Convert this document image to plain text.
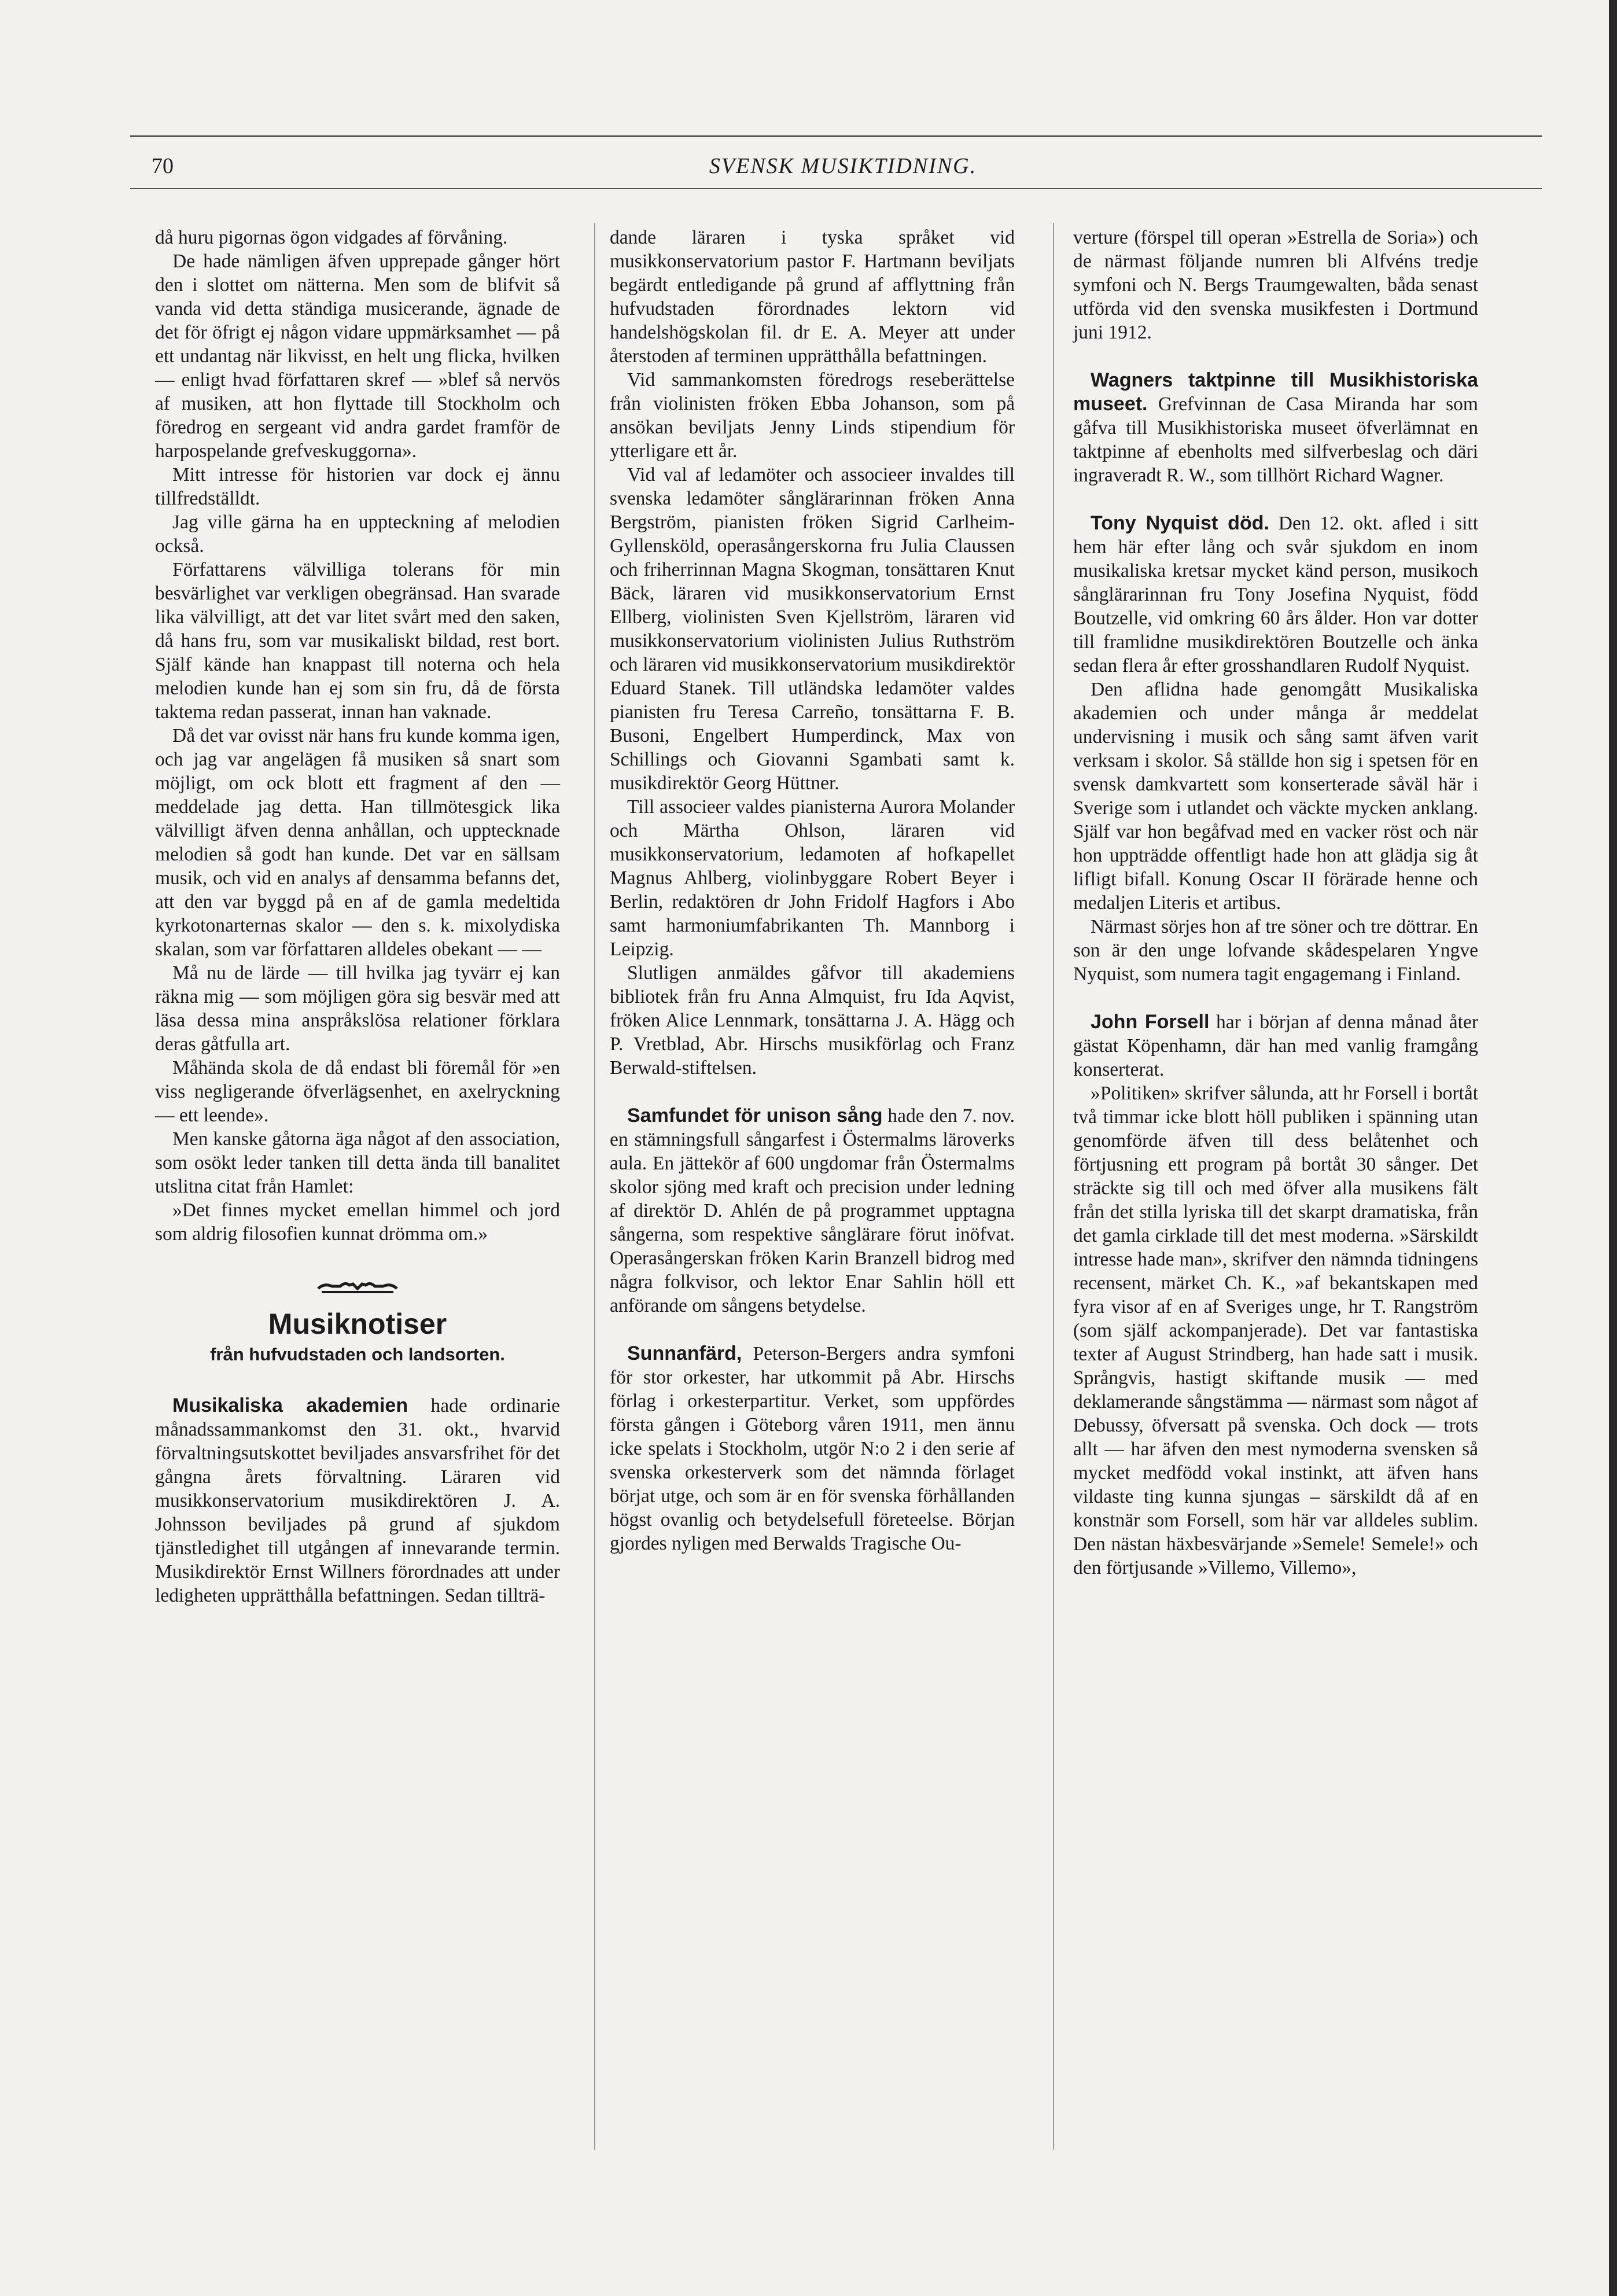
70	SVENSK MUSIKTIDNING.

då huru pigornas ögon vidgades af förvåning.

De hade nämligen äfven upprepade gånger hört den i slottet om nätterna. Men som de blifvit så vanda vid detta ständiga musicerande, ägnade de det för öfrigt ej någon vidare uppmärksamhet — på ett undantag när likvisst, en helt ung flicka, hvilken — enligt hvad författaren skref — »blef så nervös af musiken, att hon flyttade till Stockholm och föredrog en sergeant vid andra gardet framför de harpospelande grefveskuggorna».

Mitt intresse för historien var dock ej ännu tillfredställdt.

Jag ville gärna ha en uppteckning af melodien också.

Författarens välvilliga tolerans för min besvärlighet var verkligen obegränsad. Han svarade lika välvilligt, att det var litet svårt med den saken, då hans fru, som var musikaliskt bildad, rest bort. Själf kände han knappast till noterna och hela melodien kunde han ej som sin fru, då de första taktema redan passerat, innan han vaknade.

Då det var ovisst när hans fru kunde komma igen, och jag var angelägen få musiken så snart som möjligt, om ock blott ett fragment af den — meddelade jag detta. Han tillmötesgick lika välvilligt äfven denna anhållan, och upptecknade melodien så godt han kunde. Det var en sällsam musik, och vid en analys af densamma befanns det, att den var byggd på en af de gamla medeltida kyrkotonarternas skalor — den s. k. mixolydiska skalan, som var författaren alldeles obekant — —

Må nu de lärde — till hvilka jag tyvärr ej kan räkna mig — som möjligen göra sig besvär med att läsa dessa mina anspråkslösa relationer förklara deras gåtfulla art.

Måhända skola de då endast bli föremål för »en viss negligerande öfverlägsenhet, en axelryckning — ett leende».

Men kanske gåtorna äga något af den association, som osökt leder tanken till detta ända till banalitet utslitna citat från Hamlet:

»Det finnes mycket emellan himmel och jord som aldrig filosofien kunnat drömma om.»

Musiknotiser
från hufvudstaden och landsorten.

Musikaliska akademien hade ordinarie månadssammankomst den 31. okt., hvarvid förvaltningsutskottet beviljades ansvarsfrihet för det gångna årets förvaltning. Läraren vid musikkonservatorium musikdirektören J. A. Johnsson beviljades på grund af sjukdom tjänstledighet till utgången af innevarande termin. Musikdirektör Ernst Willners förordnades att under ledigheten upprätthålla befattningen. Sedan tillträ-

dande läraren i tyska språket vid musikkonservatorium pastor F. Hartmann beviljats begärdt entledigande på grund af afflyttning från hufvudstaden förordnades lektorn vid handelshögskolan fil. dr E. A. Meyer att under återstoden af terminen upprätthålla befattningen.

Vid sammankomsten föredrogs reseberättelse från violinisten fröken Ebba Johanson, som på ansökan beviljats Jenny Linds stipendium för ytterligare ett år.

Vid val af ledamöter och associeer invaldes till svenska ledamöter sånglärarinnan fröken Anna Bergström, pianisten fröken Sigrid Carlheim-Gyllensköld, operasångerskorna fru Julia Claussen och friherrinnan Magna Skogman, tonsättaren Knut Bäck, läraren vid musikkonservatorium Ernst Ellberg, violinisten Sven Kjellström, läraren vid musikkonservatorium violinisten Julius Ruthström och läraren vid musikkonservatorium musikdirektör Eduard Stanek. Till utländska ledamöter valdes pianisten fru Teresa Carreño, tonsättarna F. B. Busoni, Engelbert Humperdinck, Max von Schillings och Giovanni Sgambati samt k. musikdirektör Georg Hüttner.

Till associeer valdes pianisterna Aurora Molander och Märtha Ohlson, läraren vid musikkonservatorium, ledamoten af hofkapellet Magnus Ahlberg, violinbyggare Robert Beyer i Berlin, redaktören dr John Fridolf Hagfors i Abo samt harmoniumfabrikanten Th. Mannborg i Leipzig.

Slutligen anmäldes gåfvor till akademiens bibliotek från fru Anna Almquist, fru Ida Aqvist, fröken Alice Lennmark, tonsättarna J. A. Hägg och P. Vretblad, Abr. Hirschs musikförlag och Franz Berwald-stiftelsen.

Samfundet för unison sång hade den 7. nov. en stämningsfull sångarfest i Östermalms läroverks aula. En jättekör af 600 ungdomar från Östermalms skolor sjöng med kraft och precision under ledning af direktör D. Ahlén de på programmet upptagna sångerna, som respektive sånglärare förut inöfvat. Operasångerskan fröken Karin Branzell bidrog med några folkvisor, och lektor Enar Sahlin höll ett anförande om sångens betydelse.

Sunnanfärd, Peterson-Bergers andra symfoni för stor orkester, har utkommit på Abr. Hirschs förlag i orkesterpartitur. Verket, som uppfördes första gången i Göteborg våren 1911, men ännu icke spelats i Stockholm, utgör N:o 2 i den serie af svenska orkesterverk som det nämnda förlaget börjat utge, och som är en för svenska förhållanden högst ovanlig och betydelsefull företeelse. Början gjordes nyligen med Berwalds Tragische Ou-

verture (förspel till operan »Estrella de Soria») och de närmast följande numren bli Alfvéns tredje symfoni och N. Bergs Traumgewalten, båda senast utförda vid den svenska musikfesten i Dortmund juni 1912.

Wagners taktpinne till Musikhistoriska museet. Grefvinnan de Casa Miranda har som gåfva till Musikhistoriska museet öfverlämnat en taktpinne af ebenholts med silfverbeslag och däri ingraveradt R. W., som tillhört Richard Wagner.

Tony Nyquist död. Den 12. okt. afled i sitt hem här efter lång och svår sjukdom en inom musikaliska kretsar mycket känd person, musikoch sånglärarinnan fru Tony Josefina Nyquist, född Boutzelle, vid omkring 60 års ålder. Hon var dotter till framlidne musikdirektören Boutzelle och änka sedan flera år efter grosshandlaren Rudolf Nyquist.

Den aflidna hade genomgått Musikaliska akademien och under många år meddelat undervisning i musik och sång samt äfven varit verksam i skolor. Så ställde hon sig i spetsen för en svensk damkvartett som konserterade såväl här i Sverige som i utlandet och väckte mycken anklang. Själf var hon begåfvad med en vacker röst och när hon uppträdde offentligt hade hon att glädja sig åt lifligt bifall. Konung Oscar II förärade henne och medaljen Literis et artibus.

Närmast sörjes hon af tre söner och tre döttrar. En son är den unge lofvande skådespelaren Yngve Nyquist, som numera tagit engagemang i Finland.

John Forsell har i början af denna månad åter gästat Köpenhamn, där han med vanlig framgång konserterat.

»Politiken» skrifver sålunda, att hr Forsell i bortåt två timmar icke blott höll publiken i spänning utan genomförde äfven till dess belåtenhet och förtjusning ett program på bortåt 30 sånger. Det sträckte sig till och med öfver alla musikens fält från det stilla lyriska till det skarpt dramatiska, från det gamla cirklade till det mest moderna. »Särskildt intresse hade man», skrifver den nämnda tidningens recensent, märket Ch. K., »af bekantskapen med fyra visor af en af Sveriges unge, hr T. Rangström (som själf ackompanjerade). Det var fantastiska texter af August Strindberg, han hade satt i musik. Språngvis, hastigt skiftande musik — med deklamerande sångstämma — närmast som något af Debussy, öfversatt på svenska. Och dock — trots allt — har äfven den mest nymoderna svensken så mycket medfödd vokal instinkt, att äfven hans vildaste ting kunna sjungas – särskildt då af en konstnär som Forsell, som här var alldeles sublim. Den nästan häxbesvärjande »Semele! Semele!» och den förtjusande »Villemo, Villemo»,
